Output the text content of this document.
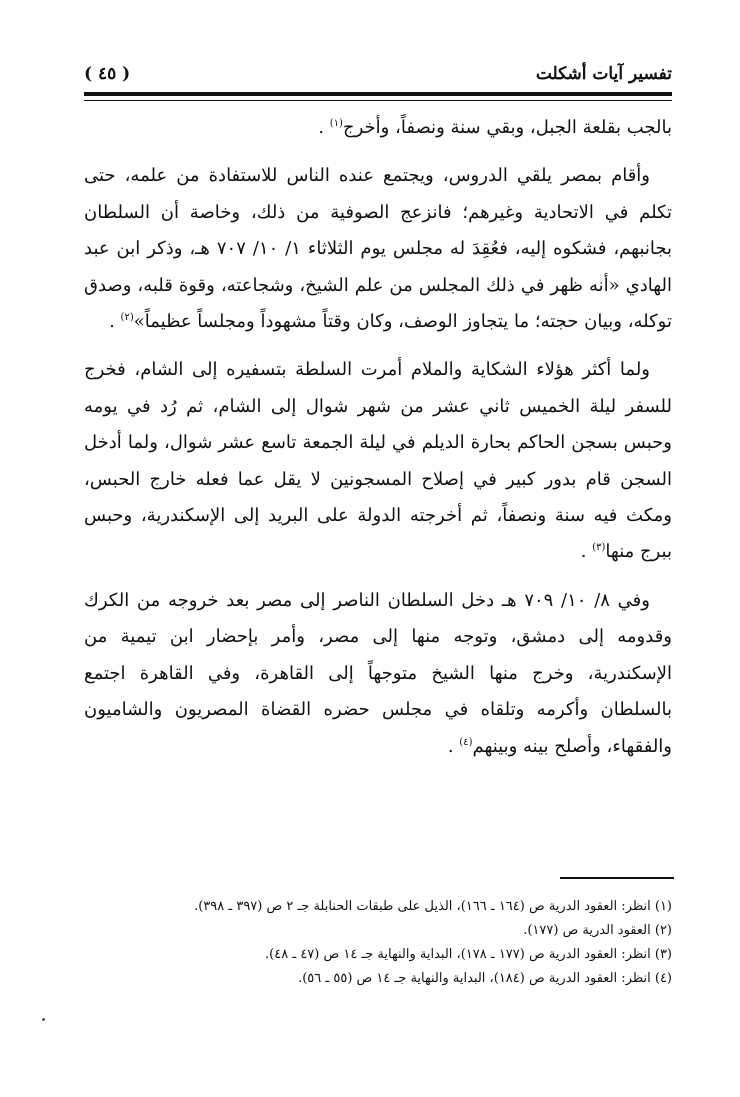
تفسير آيات أشكلت
( ٤٥ )

بالجب بقلعة الجبل، وبقي سنة ونصفاً، وأخرج$^{(١)}$ .

وأقام بمصر يلقي الدروس، ويجتمع عنده الناس للاستفادة من علمه، حتى تكلم في الاتحادية وغيرهم؛ فانزعج الصوفية من ذلك، وخاصة أن السلطان بجانبهم، فشكوه إليه، فعُقِدَ له مجلس يوم الثلاثاء ١/ ١٠/ ٧٠٧ هـ، وذكر ابن عبد الهادي «أنه ظهر في ذلك المجلس من علم الشيخ، وشجاعته، وقوة قلبه، وصدق توكله، وبيان حجته؛ ما يتجاوز الوصف، وكان وقتاً مشهوداً ومجلساً عظيماً»$^{(٢)}$ .

ولما أكثر هؤلاء الشكاية والملام أمرت السلطة بتسفيره إلى الشام، فخرج للسفر ليلة الخميس ثاني عشر من شهر شوال إلى الشام، ثم رُد في يومه وحبس بسجن الحاكم بحارة الديلم في ليلة الجمعة تاسع عشر شوال، ولما أدخل السجن قام بدور كبير في إصلاح المسجونين لا يقل عما فعله خارج الحبس، ومكث فيه سنة ونصفاً، ثم أخرجته الدولة على البريد إلى الإسكندرية، وحبس ببرج منها$^{(٣)}$ .

وفي ٨/ ١٠/ ٧٠٩ هـ دخل السلطان الناصر إلى مصر بعد خروجه من الكرك وقدومه إلى دمشق، وتوجه منها إلى مصر، وأمر بإحضار ابن تيمية من الإسكندرية، وخرج منها الشيخ متوجهاً إلى القاهرة، وفي القاهرة اجتمع بالسلطان وأكرمه وتلقاه في مجلس حضره القضاة المصريون والشاميون والفقهاء، وأصلح بينه وبينهم$^{(٤)}$ .

(١) انظر: العقود الدرية ص (١٦٤ ـ ١٦٦)، الذيل على طبقات الحنابلة جـ ٢ ص (٣٩٧ ـ ٣٩٨).

(٢) العقود الدرية ص (١٧٧).

(٣) انظر: العقود الدرية ص (١٧٧ ـ ١٧٨)، البداية والنهاية جـ ١٤ ص (٤٧ ـ ٤٨).

(٤) انظر: العقود الدرية ص (١٨٤)، البداية والنهاية جـ ١٤ ص (٥٥ ـ ٥٦).
